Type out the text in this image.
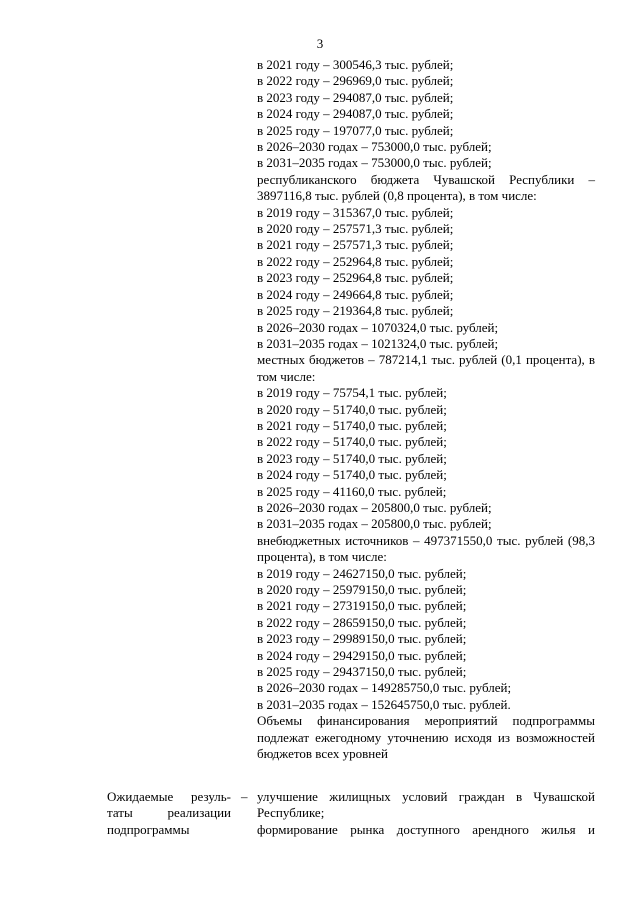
3
в 2021 году – 300546,3 тыс. рублей;
в 2022 году – 296969,0 тыс. рублей;
в 2023 году – 294087,0 тыс. рублей;
в 2024 году – 294087,0 тыс. рублей;
в 2025 году – 197077,0 тыс. рублей;
в 2026–2030 годах – 753000,0 тыс. рублей;
в 2031–2035 годах – 753000,0 тыс. рублей;
республиканского бюджета Чувашской Республики – 3897116,8 тыс. рублей (0,8 процента), в том числе:
в 2019 году – 315367,0 тыс. рублей;
в 2020 году – 257571,3 тыс. рублей;
в 2021 году – 257571,3 тыс. рублей;
в 2022 году – 252964,8 тыс. рублей;
в 2023 году – 252964,8 тыс. рублей;
в 2024 году – 249664,8 тыс. рублей;
в 2025 году – 219364,8 тыс. рублей;
в 2026–2030 годах – 1070324,0 тыс. рублей;
в 2031–2035 годах – 1021324,0 тыс. рублей;
местных бюджетов – 787214,1 тыс. рублей (0,1 процента), в том числе:
в 2019 году – 75754,1 тыс. рублей;
в 2020 году – 51740,0 тыс. рублей;
в 2021 году – 51740,0 тыс. рублей;
в 2022 году – 51740,0 тыс. рублей;
в 2023 году – 51740,0 тыс. рублей;
в 2024 году – 51740,0 тыс. рублей;
в 2025 году – 41160,0 тыс. рублей;
в 2026–2030 годах – 205800,0 тыс. рублей;
в 2031–2035 годах – 205800,0 тыс. рублей;
внебюджетных источников – 497371550,0 тыс. рублей (98,3 процента), в том числе:
в 2019 году – 24627150,0 тыс. рублей;
в 2020 году – 25979150,0 тыс. рублей;
в 2021 году – 27319150,0 тыс. рублей;
в 2022 году – 28659150,0 тыс. рублей;
в 2023 году – 29989150,0 тыс. рублей;
в 2024 году – 29429150,0 тыс. рублей;
в 2025 году – 29437150,0 тыс. рублей;
в 2026–2030 годах – 149285750,0 тыс. рублей;
в 2031–2035 годах – 152645750,0 тыс. рублей.
Объемы финансирования мероприятий подпрограммы подлежат ежегодному уточнению исходя из возможностей бюджетов всех уровней
Ожидаемые резуль-
таты реализации
подпрограммы
– улучшение жилищных условий граждан в Чувашской Республике;
формирование рынка доступного арендного жилья и
